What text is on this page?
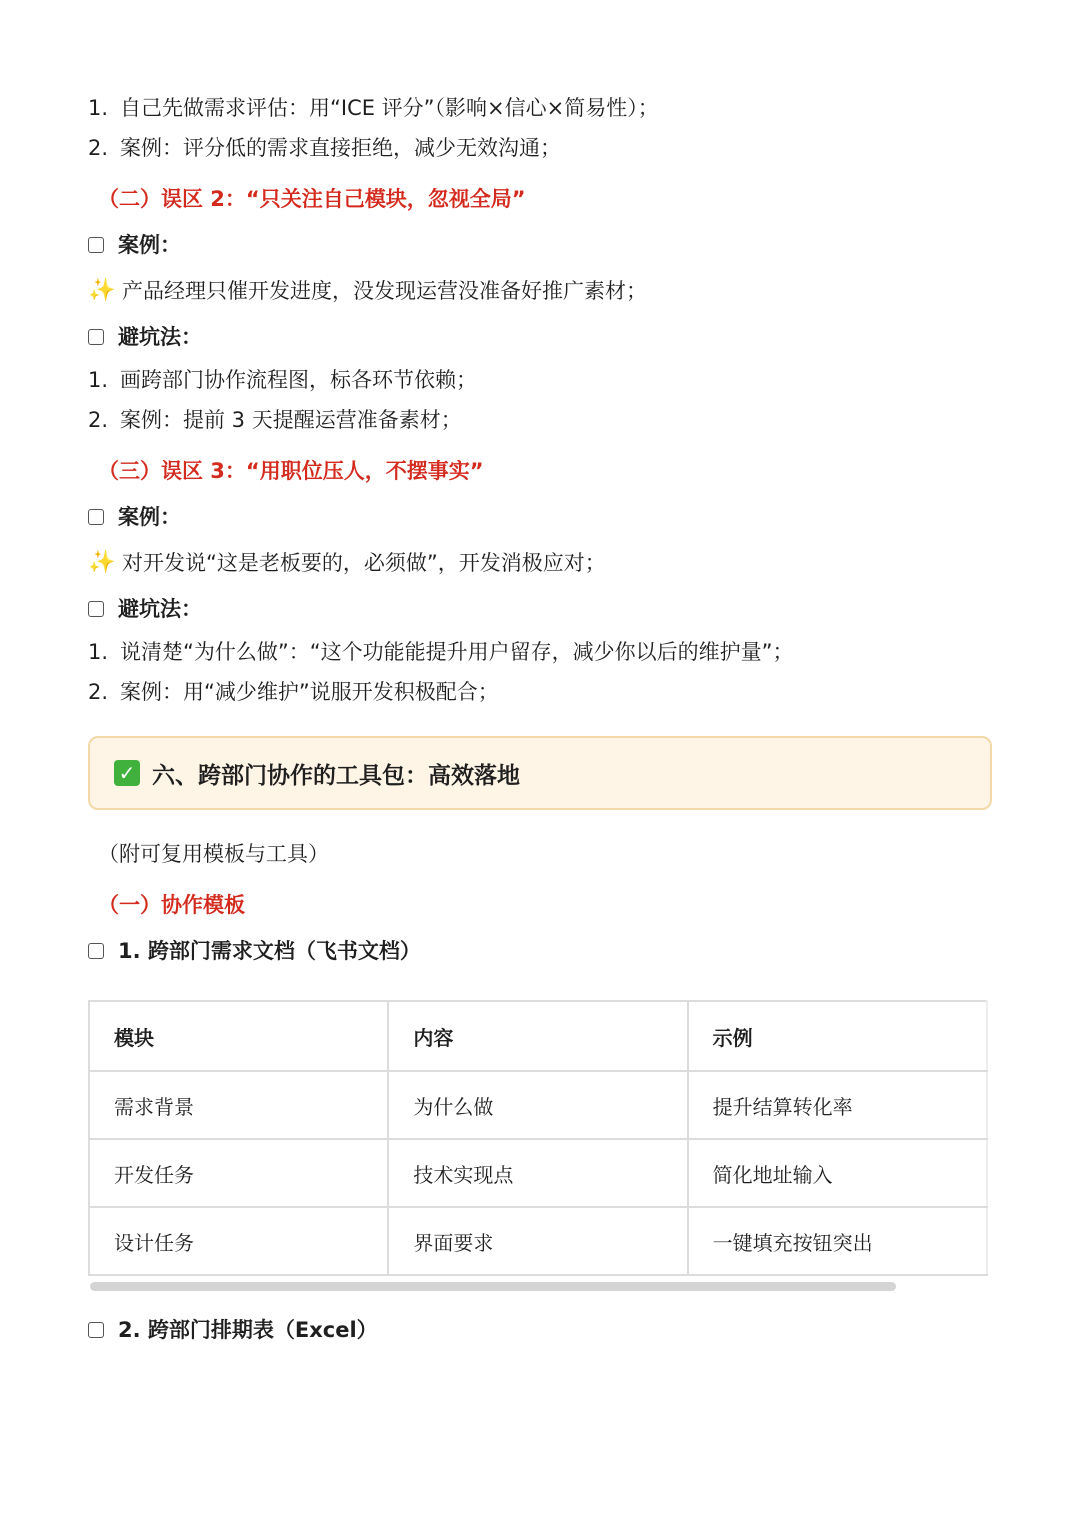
1. 自己先做需求评估：用“ICE 评分”（影响×信心×简易性）；
2. 案例：评分低的需求直接拒绝，减少无效沟通；
（二）误区 2：“只关注自己模块，忽视全局”
案例：
✨ 产品经理只催开发进度，没发现运营没准备好推广素材；
避坑法：
1. 画跨部门协作流程图，标各环节依赖；
2. 案例：提前 3 天提醒运营准备素材；
（三）误区 3：“用职位压人，不摆事实”
案例：
✨ 对开发说“这是老板要的，必须做”，开发消极应对；
避坑法：
1. 说清楚“为什么做”：“这个功能能提升用户留存，减少你以后的维护量”；
2. 案例：用“减少维护”说服开发积极配合；
✓ 六、跨部门协作的工具包：高效落地
（附可复用模板与工具）
（一）协作模板
1. 跨部门需求文档（飞书文档）
模块	内容	示例
需求背景	为什么做	提升结算转化率
开发任务	技术实现点	简化地址输入
设计任务	界面要求	一键填充按钮突出
2. 跨部门排期表（Excel）
